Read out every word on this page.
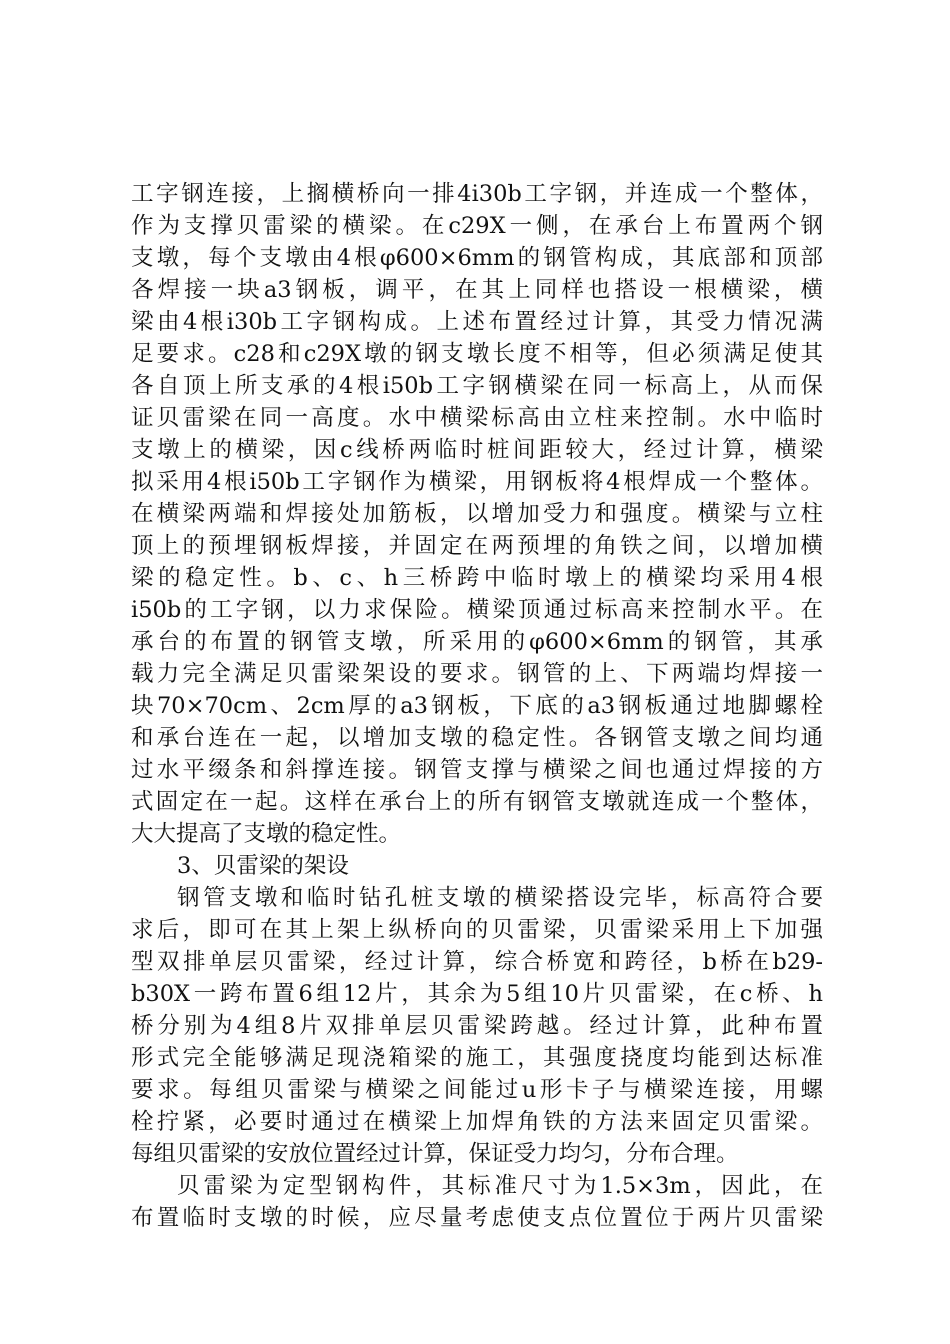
工字钢连接，上搁横桥向一排4i30b工字钢，并连成一个整体，
作为支撑贝雷梁的横梁。在c29X一侧，在承台上布置两个钢
支墩，每个支墩由4根φ600×6mm的钢管构成，其底部和顶部
各焊接一块a3钢板，调平，在其上同样也搭设一根横梁，横
梁由4根i30b工字钢构成。上述布置经过计算，其受力情况满
足要求。c28和c29X墩的钢支墩长度不相等，但必须满足使其
各自顶上所支承的4根i50b工字钢横梁在同一标高上，从而保
证贝雷梁在同一高度。水中横梁标高由立柱来控制。水中临时
支墩上的横梁，因c线桥两临时桩间距较大，经过计算，横梁
拟采用4根i50b工字钢作为横梁，用钢板将4根焊成一个整体。
在横梁两端和焊接处加筋板，以增加受力和强度。横梁与立柱
顶上的预埋钢板焊接，并固定在两预埋的角铁之间，以增加横
梁的稳定性。b、c、h三桥跨中临时墩上的横梁均采用4根
i50b的工字钢，以力求保险。横梁顶通过标高来控制水平。在
承台的布置的钢管支墩，所采用的φ600×6mm的钢管，其承
载力完全满足贝雷梁架设的要求。钢管的上、下两端均焊接一
块70×70cm、2cm厚的a3钢板，下底的a3钢板通过地脚螺栓
和承台连在一起，以增加支墩的稳定性。各钢管支墩之间均通
过水平缀条和斜撑连接。钢管支撑与横梁之间也通过焊接的方
式固定在一起。这样在承台上的所有钢管支墩就连成一个整体，
大大提高了支墩的稳定性。
3、贝雷梁的架设
钢管支墩和临时钻孔桩支墩的横梁搭设完毕，标高符合要
求后，即可在其上架上纵桥向的贝雷梁，贝雷梁采用上下加强
型双排单层贝雷梁，经过计算，综合桥宽和跨径，b桥在b29-
b30X一跨布置6组12片，其余为5组10片贝雷梁，在c桥、h
桥分别为4组8片双排单层贝雷梁跨越。经过计算，此种布置
形式完全能够满足现浇箱梁的施工，其强度挠度均能到达标准
要求。每组贝雷梁与横梁之间能过u形卡子与横梁连接，用螺
栓拧紧，必要时通过在横梁上加焊角铁的方法来固定贝雷梁。
每组贝雷梁的安放位置经过计算，保证受力均匀，分布合理。
贝雷梁为定型钢构件，其标准尺寸为1.5×3m，因此，在
布置临时支墩的时候，应尽量考虑使支点位置位于两片贝雷梁
